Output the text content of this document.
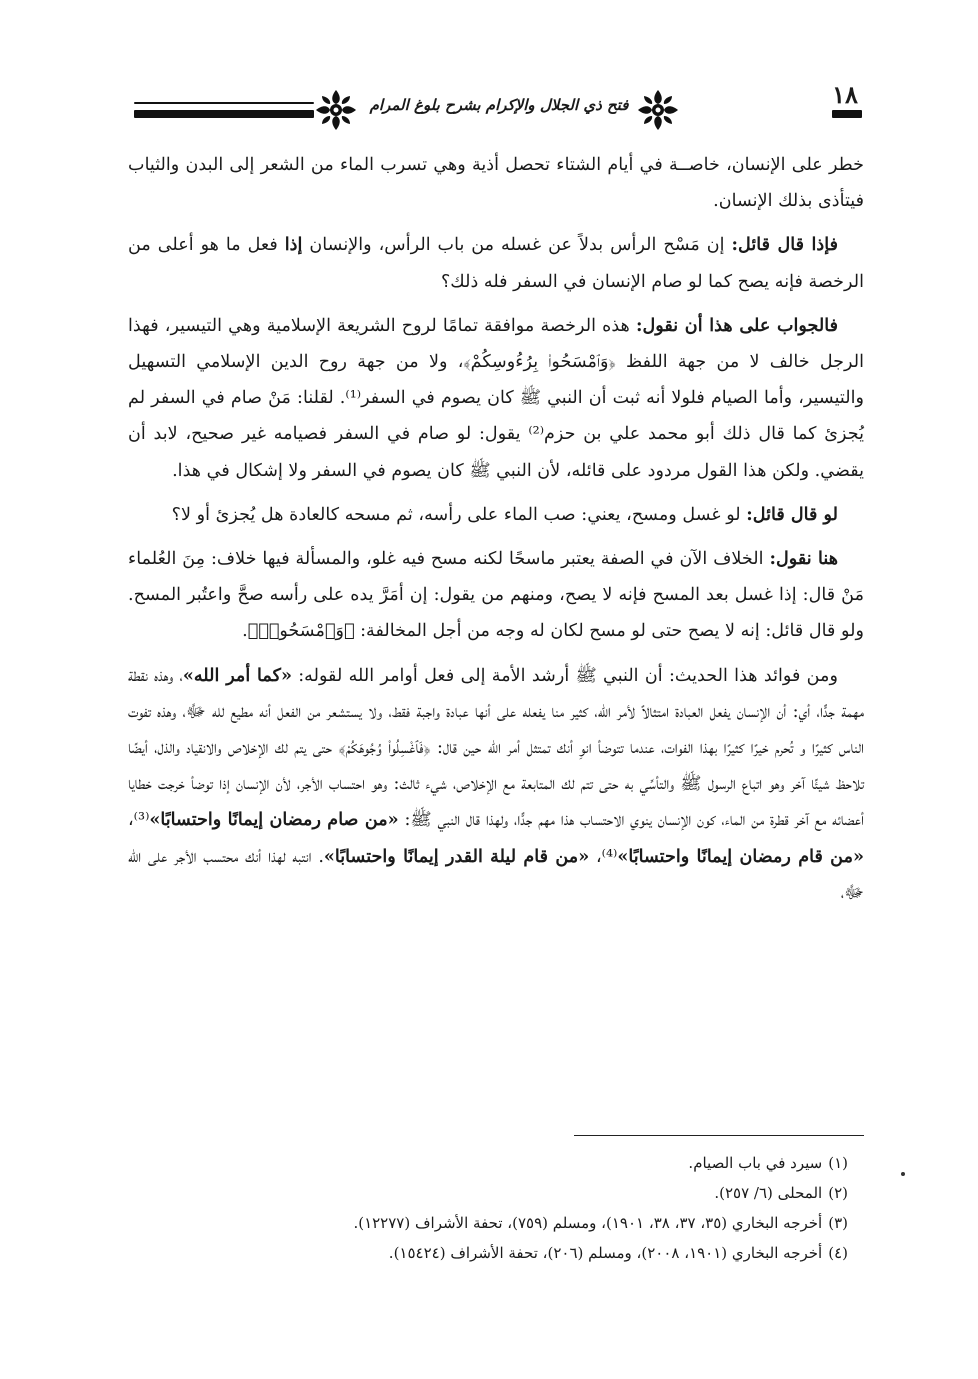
فتح ذي الجلال والإكرام بشرح بلوغ المرام	١٨

خطر على الإنسان، خاصــة في أيام الشتاء تحصل أذية وهي تسرب الماء من الشعر إلى البدن والثياب فيتأذى بذلك الإنسان.

فإذا قال قائل: إن مَسْح الرأس بدلاً عن غسله من باب الرأس، والإنسان إذا فعل ما هو أعلى من الرخصة فإنه يصح كما لو صام الإنسان في السفر فله ذلك؟

فالجواب على هذا أن نقول: هذه الرخصة موافقة تمامًا لروح الشريعة الإسلامية وهي التيسير، فهذا الرجل خالف لا من جهة اللفظ ﴿وَٱمْسَحُوا۟ بِرُءُوسِكُمْ﴾، ولا من جهة روح الدين الإسلامي التسهيل والتيسير، وأما الصيام فلولا أنه ثبت أن النبي ﷺ كان يصوم في السفر⁽¹⁾. لقلنا: مَنْ صام في السفر لم يُجزئ كما قال ذلك أبو محمد علي بن حزم⁽²⁾ يقول: لو صام في السفر فصيامه غير صحيح، لابد أن يقضي. ولكن هذا القول مردود على قائله، لأن النبي ﷺ كان يصوم في السفر ولا إشكال في هذا.

لو قال قائل: لو غسل ومسح، يعني: صب الماء على رأسه، ثم مسحه كالعادة هل يُجزئ أو لا؟

هنا نقول: الخلاف الآن في الصفة يعتبر ماسحًا لكنه مسح فيه غلو، والمسألة فيها خلاف: مِنَ العُلماء مَنْ قال: إذا غسل بعد المسح فإنه لا يصح، ومنهم من يقول: إن أمَرَّ يده على رأسه صحَّ واعتُبر المسح. ولو قال قائل: إنه لا يصح حتى لو مسح لكان له وجه من أجل المخالفة: ﴿وَٱمْسَحُوا۟﴾.

ومن فوائد هذا الحديث: أن النبي ﷺ أرشد الأمة إلى فعل أوامر الله لقوله: «كما أمر الله»، وهذه نقطة مهمة جدًّا، أي: أن الإنسان يفعل العبادة امتثالاً لأمر الله، كثير منا يفعله على أنها عبادة واجبة فقط، ولا يستشعر من الفعل أنه مطيع لله ﷻ، وهذه تفوت الناس كثيرًا و تُحرم خيرًا كثيرًا بهذا الفوات، عندما تتوضأ انوِ أنك تمتثل أمر الله حين قال: ﴿فَٱغْسِلُوا۟ وُجُوهَكُمْ﴾ حتى يتم لك الإخلاص والانقياد والذل، أيضًا تلاحظ شيئًا آخر وهو اتباع الرسول ﷺ والتأسِّي به حتى تتم لك المتابعة مع الإخلاص، شيء ثالث: وهو احتساب الأجر، لأن الإنسان إذا توضأ خرجت خطايا أعضائه مع آخر قطرة من الماء، كون الإنسان ينوي الاحتساب هذا مهم جدًّا، ولهذا قال النبي ﷺ: «من صام رمضان إيمانًا واحتسابًا»⁽³⁾، «من قام رمضان إيمانًا واحتسابًا»⁽⁴⁾، «من قام ليلة القدر إيمانًا واحتسابًا». انتبه لهذا أنك محتسب الأجر على الله ﷻ،

(١)سيرد في باب الصيام.
(٢)المحلى (٦/ ٢٥٧).
(٣)أخرجه البخاري (٣٥، ٣٧، ٣٨، ١٩٠١)، ومسلم (٧٥٩)، تحفة الأشراف (١٢٢٧٧).
(٤)أخرجه البخاري (١٩٠١، ٢٠٠٨)، ومسلم (٢٠٦)، تحفة الأشراف (١٥٤٢٤).
